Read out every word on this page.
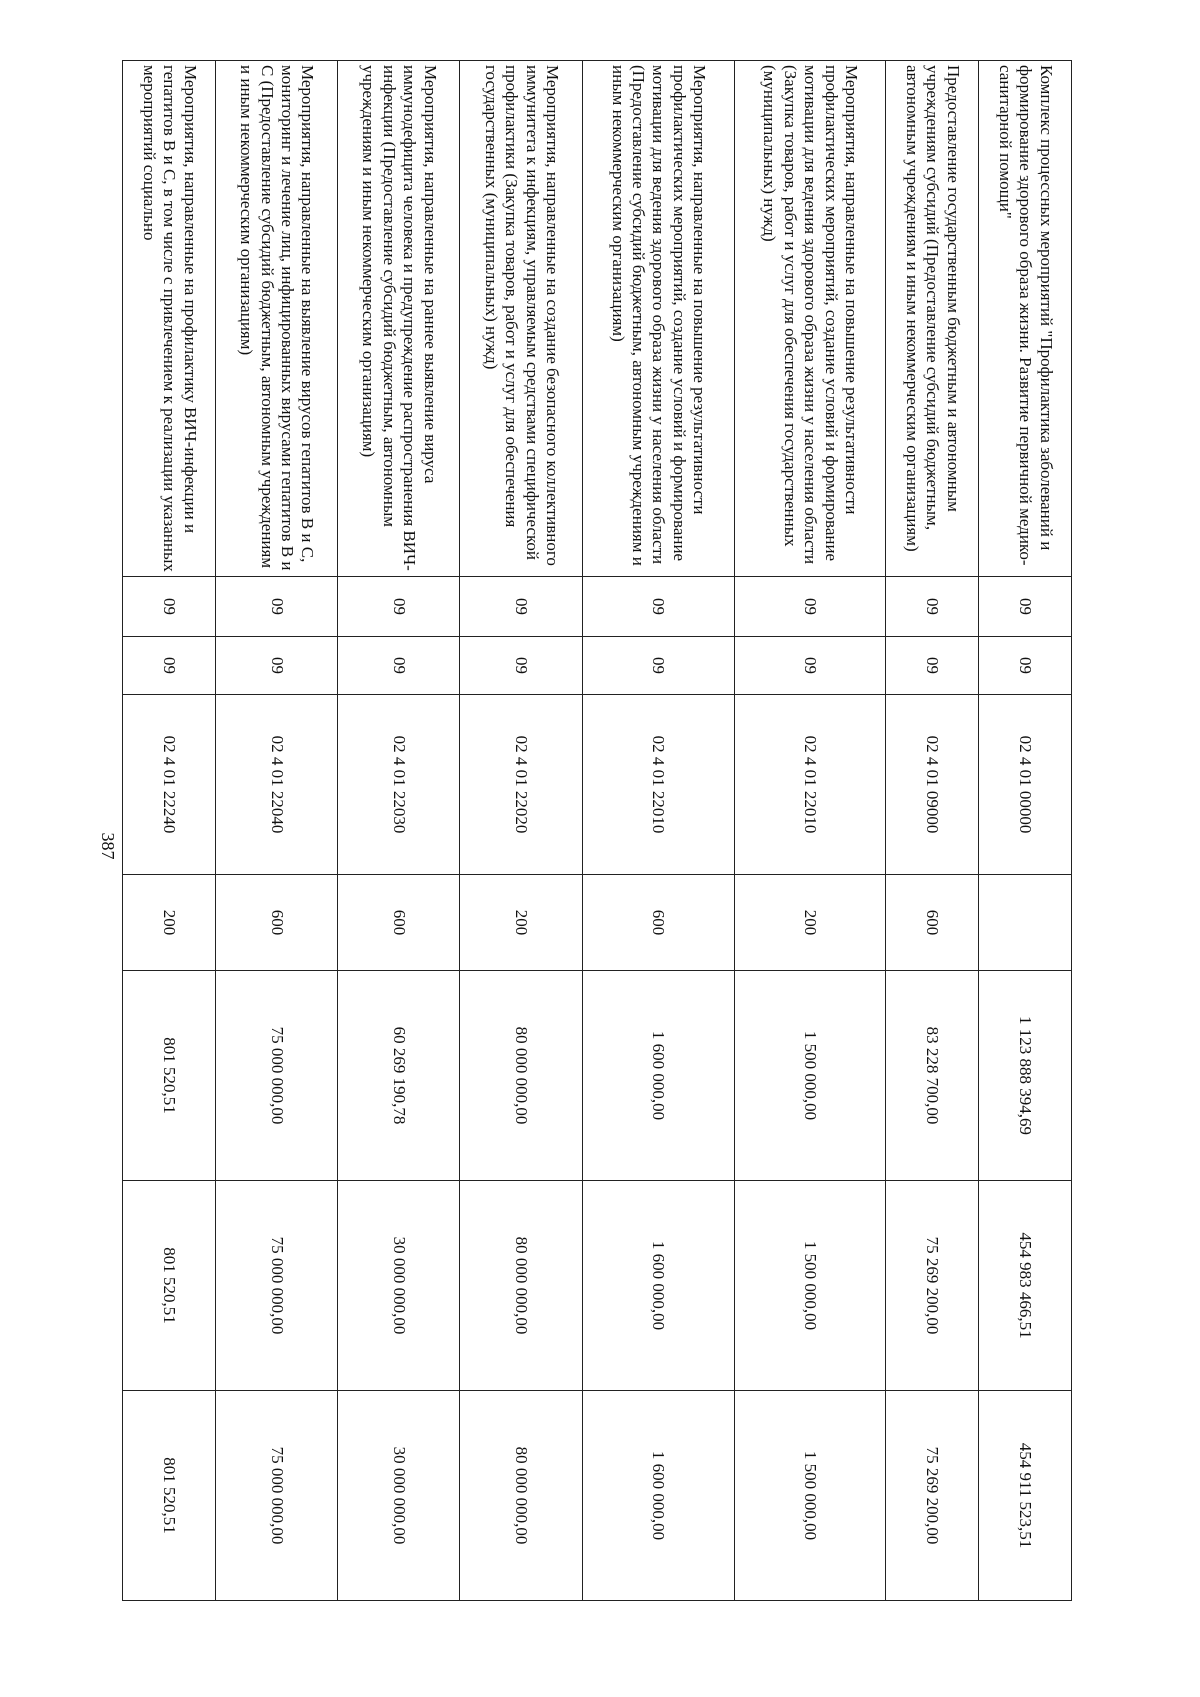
387
Комплекс процессных мероприятий "Профилактика заболеваний и формирование здорового образа жизни. Развитие первичной медико-санитарной помощи"	09	09	02 4 01 00000		1 123 888 394,69	454 983 466,51	454 911 523,51
Предоставление государственным бюджетным и автономным учреждениям субсидий (Предоставление субсидий бюджетным, автономным учреждениям и иным некоммерческим организациям)	09	09	02 4 01 09000	600	83 228 700,00	75 269 200,00	75 269 200,00
Мероприятия, направленные на повышение результативности профилактических мероприятий, создание условий и формирование мотивации для ведения здорового образа жизни у населения области (Закупка товаров, работ и услуг для обеспечения государственных (муниципальных) нужд)	09	09	02 4 01 22010	200	1 500 000,00	1 500 000,00	1 500 000,00
Мероприятия, направленные на повышение результативности профилактических мероприятий, создание условий и формирование мотивации для ведения здорового образа жизни у населения области (Предоставление субсидий бюджетным, автономным учреждениям и иным некоммерческим организациям)	09	09	02 4 01 22010	600	1 600 000,00	1 600 000,00	1 600 000,00
Мероприятия, направленные на создание безопасного коллективного иммунитета к инфекциям, управляемым средствами специфической профилактики (Закупка товаров, работ и услуг для обеспечения государственных (муниципальных) нужд)	09	09	02 4 01 22020	200	80 000 000,00	80 000 000,00	80 000 000,00
Мероприятия, направленные на раннее выявление вируса иммунодефицита человека и предупреждение распространения ВИЧ-инфекции (Предоставление субсидий бюджетным, автономным учреждениям и иным некоммерческим организациям)	09	09	02 4 01 22030	600	60 269 190,78	30 000 000,00	30 000 000,00
Мероприятия, направленные на выявление вирусов гепатитов В и С, мониторинг и лечение лиц, инфицированных вирусами гепатитов В и С (Предоставление субсидий бюджетным, автономным учреждениям и иным некоммерческим организациям)	09	09	02 4 01 22040	600	75 000 000,00	75 000 000,00	75 000 000,00
Мероприятия, направленные на профилактику ВИЧ-инфекции и гепатитов В и С, в том числе с привлечением к реализации указанных мероприятий социально	09	09	02 4 01 22240	200	801 520,51	801 520,51	801 520,51
